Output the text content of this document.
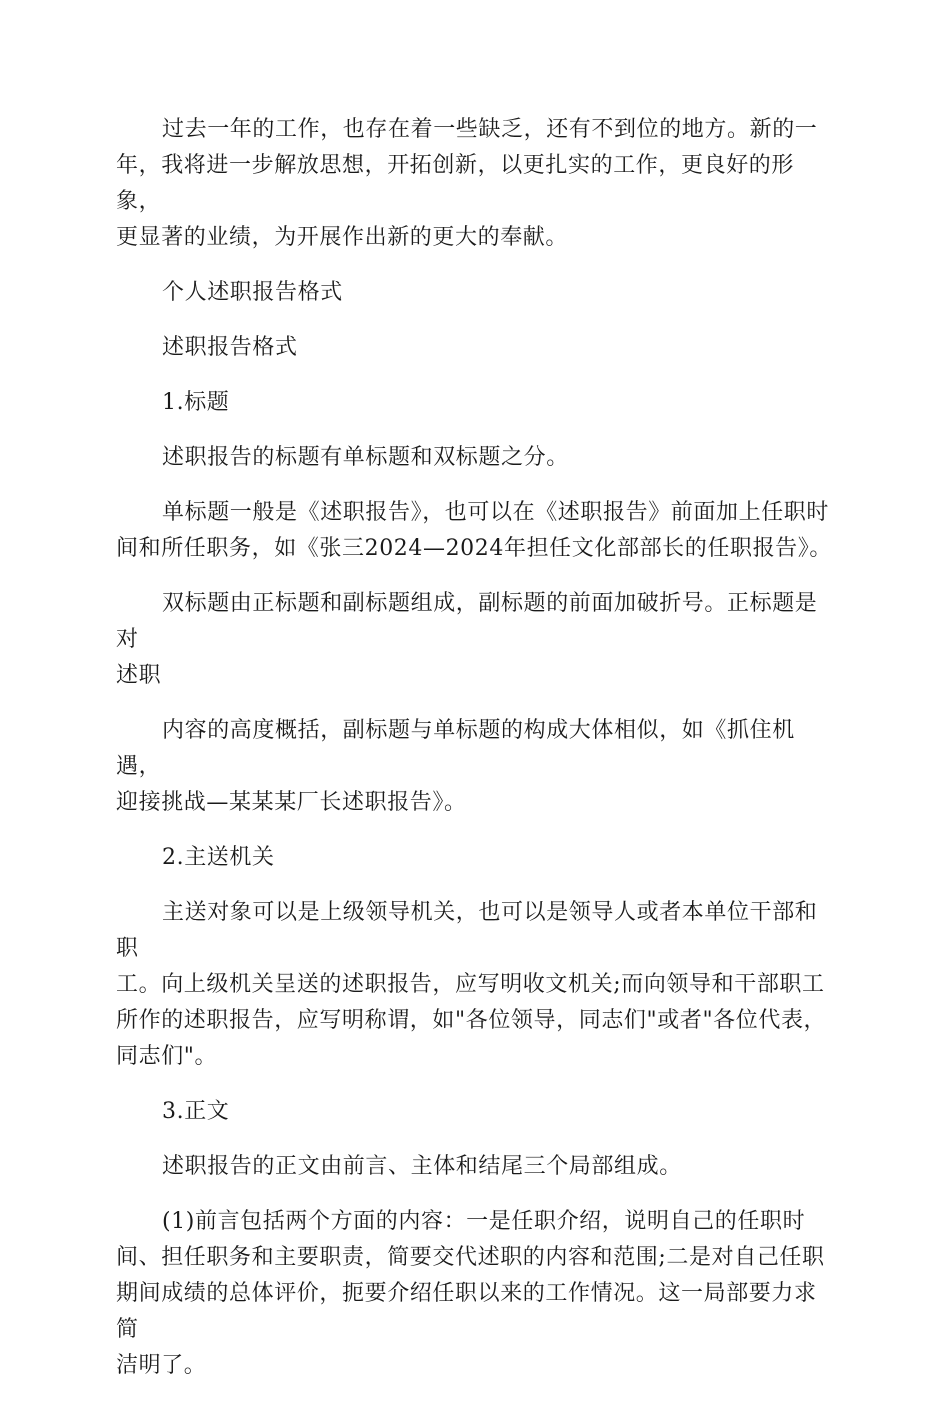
过去一年的工作，也存在着一些缺乏，还有不到位的地方。新的一
年，我将进一步解放思想，开拓创新，以更扎实的工作，更良好的形象，
更显著的业绩，为开展作出新的更大的奉献。

个人述职报告格式

述职报告格式

1.标题

述职报告的标题有单标题和双标题之分。

单标题一般是《述职报告》，也可以在《述职报告》前面加上任职时
间和所任职务，如《张三2024—2024年担任文化部部长的任职报告》。

双标题由正标题和副标题组成，副标题的前面加破折号。正标题是对
述职

内容的高度概括，副标题与单标题的构成大体相似，如《抓住机遇，
迎接挑战—某某某厂长述职报告》。

2.主送机关

主送对象可以是上级领导机关，也可以是领导人或者本单位干部和职
工。向上级机关呈送的述职报告，应写明收文机关;而向领导和干部职工
所作的述职报告，应写明称谓，如"各位领导，同志们"或者"各位代表，
同志们"。

3.正文

述职报告的正文由前言、主体和结尾三个局部组成。

(1)前言包括两个方面的内容：一是任职介绍，说明自己的任职时
间、担任职务和主要职责，简要交代述职的内容和范围;二是对自己任职
期间成绩的总体评价，扼要介绍任职以来的工作情况。这一局部要力求简
洁明了。
